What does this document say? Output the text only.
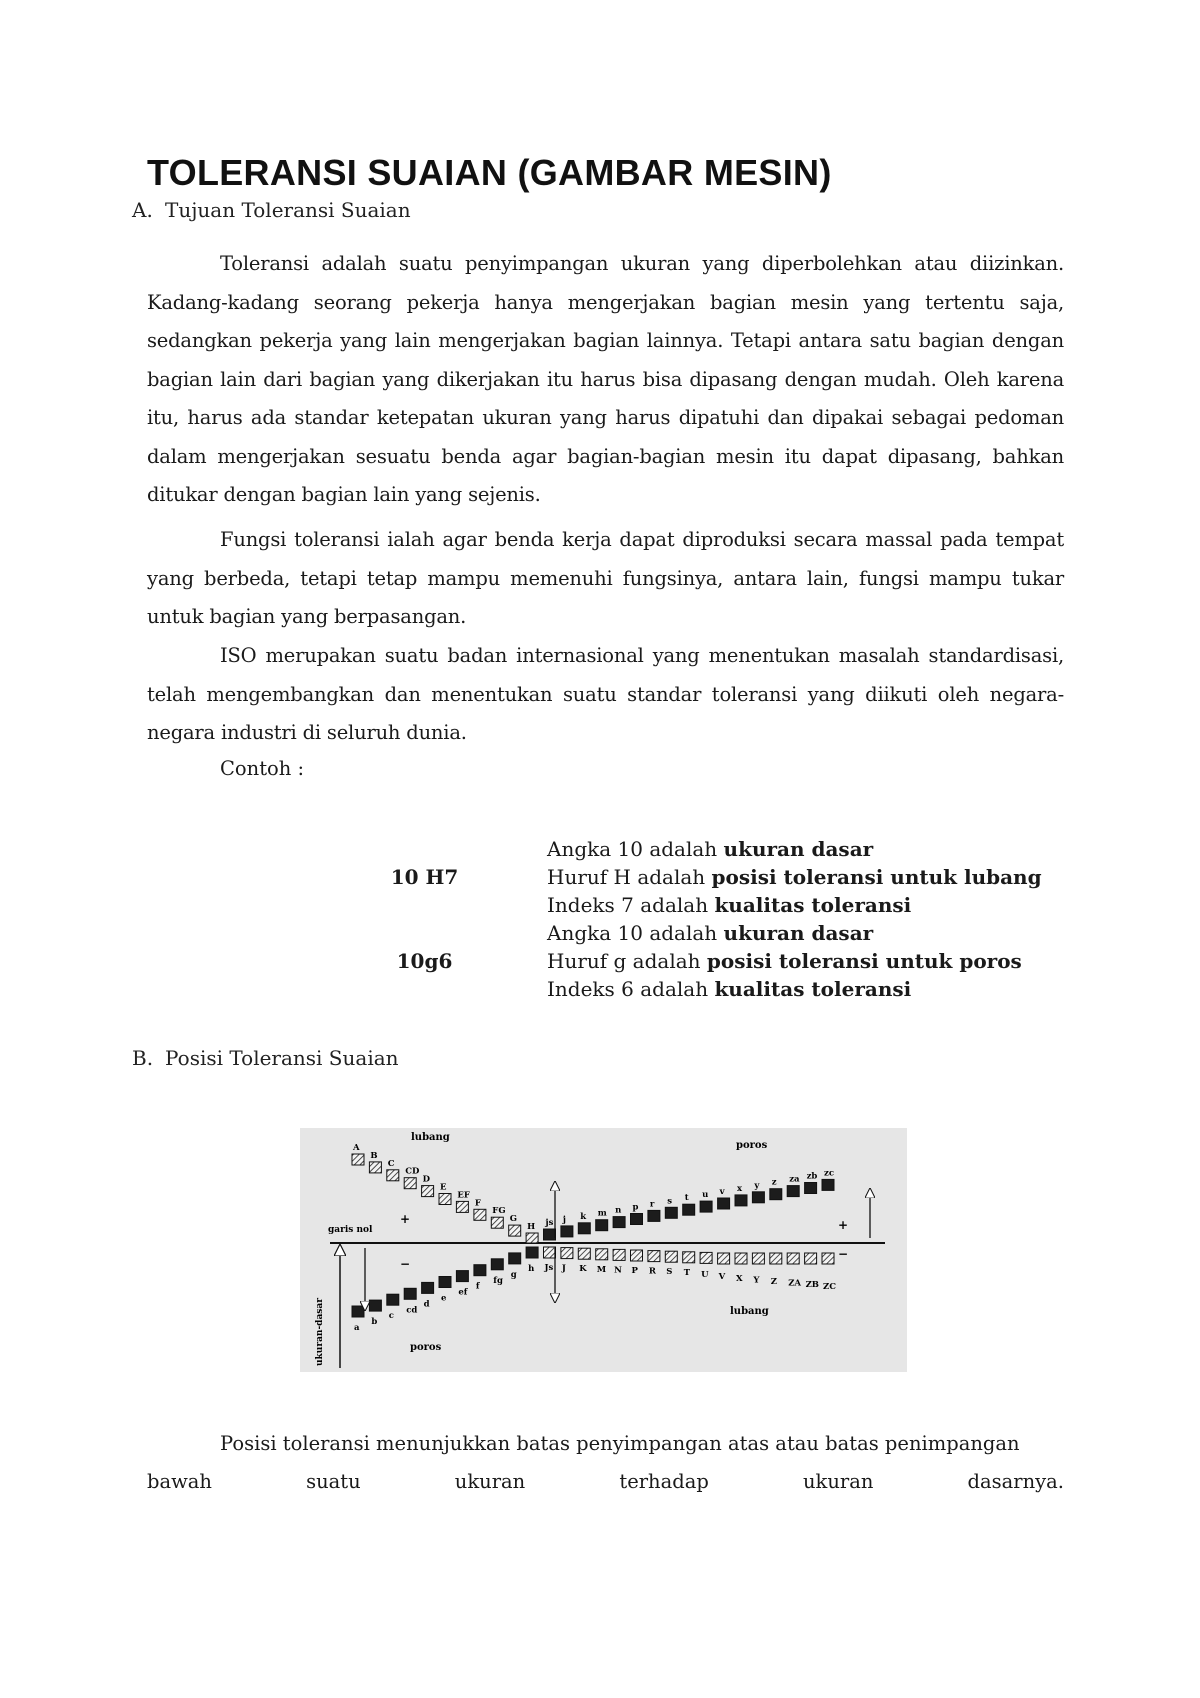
TOLERANSI SUAIAN (GAMBAR MESIN)
A. Tujuan Toleransi Suaian

Toleransi adalah suatu penyimpangan ukuran yang diperbolehkan atau diizinkan. Kadang-kadang seorang pekerja hanya mengerjakan bagian mesin yang tertentu saja, sedangkan pekerja yang lain mengerjakan bagian lainnya. Tetapi antara satu bagian dengan bagian lain dari bagian yang dikerjakan itu harus bisa dipasang dengan mudah. Oleh karena itu, harus ada standar ketepatan ukuran yang harus dipatuhi dan dipakai sebagai pedoman dalam mengerjakan sesuatu benda agar bagian-bagian mesin itu dapat dipasang, bahkan ditukar dengan bagian lain yang sejenis.

Fungsi toleransi ialah agar benda kerja dapat diproduksi secara massal pada tempat yang berbeda, tetapi tetap mampu memenuhi fungsinya, antara lain, fungsi mampu tukar untuk bagian yang berpasangan.

ISO merupakan suatu badan internasional yang menentukan masalah standardisasi, telah mengembangkan dan menentukan suatu standar toleransi yang diikuti oleh negara-negara industri di seluruh dunia.

Contoh :
Angka 10 adalah ukuran dasar
10 H7	Huruf H adalah posisi toleransi untuk lubang
Indeks 7 adalah kualitas toleransi
Angka 10 adalah ukuran dasar
10g6	Huruf g adalah posisi toleransi untuk poros
Indeks 6 adalah kualitas toleransi
B. Posisi Toleransi Suaian
garis nol
ukuran-dasar
lubang
poros
lubang
poros
+
−
+
−
A
B
C
CD
D
E
EF
F
FG
G
H
Js J K M N P R S T U V X Y Z ZA ZB ZC
a
b
c
cd
d
e
ef
f
fg
g
h
js j k m n p r s t u v x y z za zb zc

Posisi toleransi menunjukkan batas penyimpangan atas atau batas penimpangan

bawah	suatu	ukuran	terhadap	ukuran	dasarnya.
